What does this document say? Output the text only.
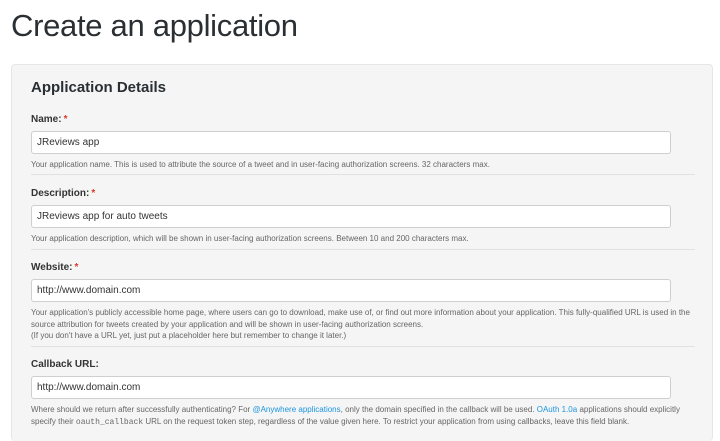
Create an application
Application Details
Name: *
JReviews app
Your application name. This is used to attribute the source of a tweet and in user-facing authorization screens. 32 characters max.
Description: *
JReviews app for auto tweets
Your application description, which will be shown in user-facing authorization screens. Between 10 and 200 characters max.
Website: *
http://www.domain.com
Your application's publicly accessible home page, where users can go to download, make use of, or find out more information about your application. This fully-qualified URL is used in the source attribution for tweets created by your application and will be shown in user-facing authorization screens.
(If you don't have a URL yet, just put a placeholder here but remember to change it later.)
Callback URL:
http://www.domain.com
Where should we return after successfully authenticating? For @Anywhere applications, only the domain specified in the callback will be used. OAuth 1.0a applications should explicitly specify their oauth_callback URL on the request token step, regardless of the value given here. To restrict your application from using callbacks, leave this field blank.
